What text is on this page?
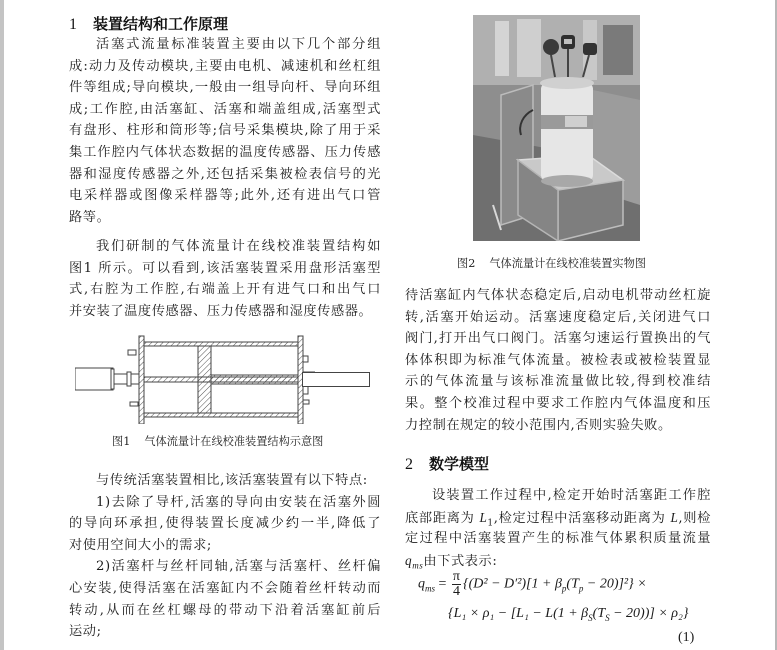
1 装置结构和工作原理
活塞式流量标准装置主要由以下几个部分组
成:动力及传动模块,主要由电机、减速机和丝杠组
件等组成;导向模块,一般由一组导向杆、导向环组
成;工作腔,由活塞缸、活塞和端盖组成,活塞型式
有盘形、柱形和筒形等;信号采集模块,除了用于采
集工作腔内气体状态数据的温度传感器、压力传感
器和湿度传感器之外,还包括采集被检表信号的光
电采样器或图像采样器等;此外,还有进出气口管
路等。
我们研制的气体流量计在线校准装置结构如
图1 所示。可以看到,该活塞装置采用盘形活塞型
式,右腔为工作腔,右端盖上开有进气口和出气口
并安装了温度传感器、压力传感器和湿度传感器。
图1 气体流量计在线校准装置结构示意图
与传统活塞装置相比,该活塞装置有以下特点:
1)去除了导杆,活塞的导向由安装在活塞外圆
的导向环承担,使得装置长度减少约一半,降低了
对使用空间大小的需求;
2)活塞杆与丝杆同轴,活塞与活塞杆、丝杆偏
心安装,使得活塞在活塞缸内不会随着丝杆转动而
转动,从而在丝杠螺母的带动下沿着活塞缸前后
运动;
图2 气体流量计在线校准装置实物图
待活塞缸内气体状态稳定后,启动电机带动丝杠旋
转,活塞开始运动。活塞速度稳定后,关闭进气口
阀门,打开出气口阀门。活塞匀速运行置换出的气
体体积即为标准气体流量。被检表或被检装置显
示的气体流量与该标准流量做比较,得到校准结
果。整个校准过程中要求工作腔内气体温度和压
力控制在规定的较小范围内,否则实验失败。
2 数学模型
设装置工作过程中,检定开始时活塞距工作腔
底部距离为 $L_1$,检定过程中活塞移动距离为 L,则检
定过程中活塞装置产生的标准气体累积质量流量
$q_{ms}$由下式表示:
$q_{ms} = \frac{\pi}{4} \{(D^2 - D'^2)[1 + \beta_p(T_p - 20)]^2\}$ ×
$\{L_1 \times \rho_1 - [L_1 - L(1 + \beta_S(T_S - 20))] \times \rho_2\}$
(1)
